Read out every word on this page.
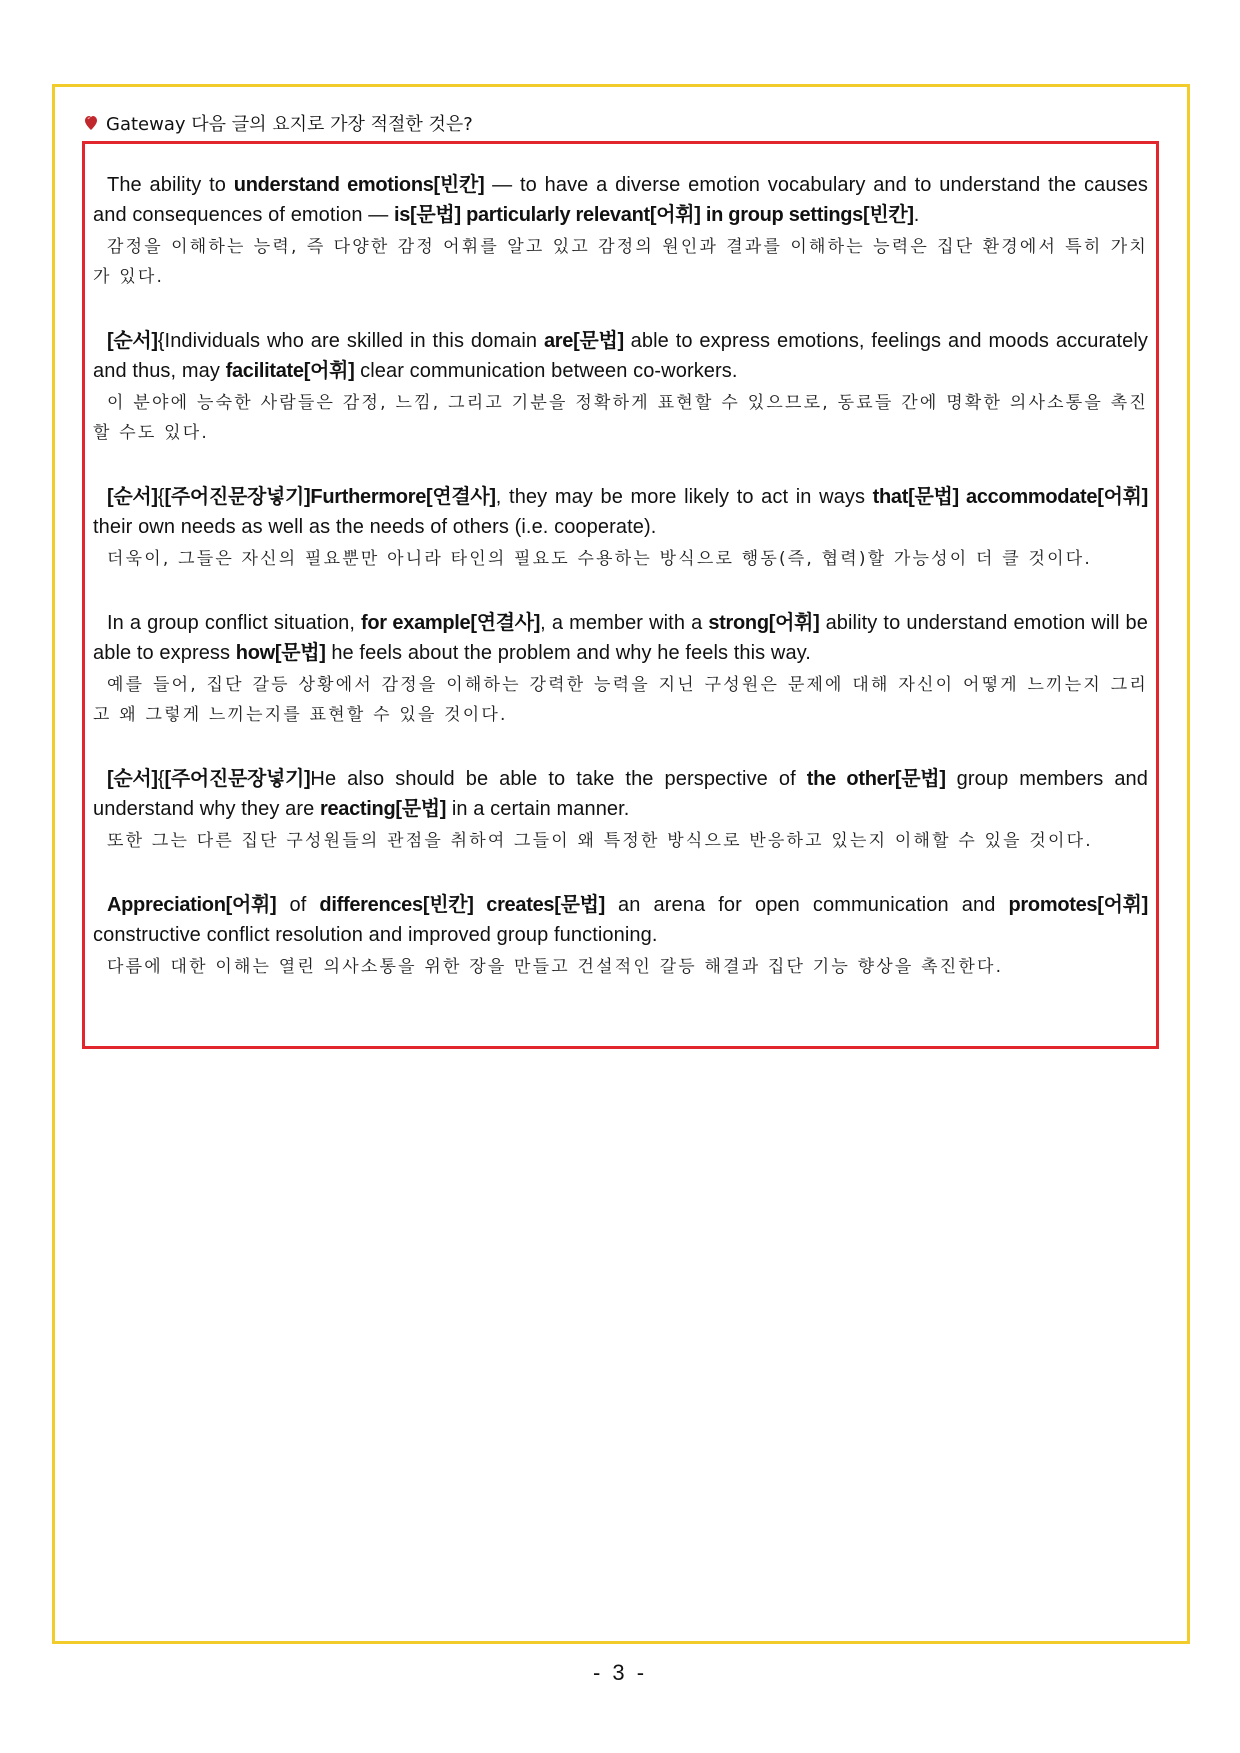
Gateway 다음 글의 요지로 가장 적절한 것은?
The ability to understand emotions[빈칸] — to have a diverse emotion vocabulary and to understand the causes and consequences of emotion — is[문법] particularly relevant[어휘] in group settings[빈칸].
감정을 이해하는 능력, 즉 다양한 감정 어휘를 알고 있고 감정의 원인과 결과를 이해하는 능력은 집단 환경에서 특히 가치가 있다.
[순서]{Individuals who are skilled in this domain are[문법] able to express emotions, feelings and moods accurately and thus, may facilitate[어휘] clear communication between co-workers.
이 분야에 능숙한 사람들은 감정, 느낌, 그리고 기분을 정확하게 표현할 수 있으므로, 동료들 간에 명확한 의사소통을 촉진할 수도 있다.
[순서]{[주어진문장넣기]Furthermore[연결사], they may be more likely to act in ways that[문법] accommodate[어휘] their own needs as well as the needs of others (i.e. cooperate).
더욱이, 그들은 자신의 필요뿐만 아니라 타인의 필요도 수용하는 방식으로 행동(즉, 협력)할 가능성이 더 클 것이다.
In a group conflict situation, for example[연결사], a member with a strong[어휘] ability to understand emotion will be able to express how[문법] he feels about the problem and why he feels this way.
예를 들어, 집단 갈등 상황에서 감정을 이해하는 강력한 능력을 지닌 구성원은 문제에 대해 자신이 어떻게 느끼는지 그리고 왜 그렇게 느끼는지를 표현할 수 있을 것이다.
[순서]{[주어진문장넣기]He also should be able to take the perspective of the other[문법] group members and understand why they are reacting[문법] in a certain manner.
또한 그는 다른 집단 구성원들의 관점을 취하여 그들이 왜 특정한 방식으로 반응하고 있는지 이해할 수 있을 것이다.
Appreciation[어휘] of differences[빈칸] creates[문법] an arena for open communication and promotes[어휘] constructive conflict resolution and improved group functioning.
다름에 대한 이해는 열린 의사소통을 위한 장을 만들고 건설적인 갈등 해결과 집단 기능 향상을 촉진한다.
- 3 -
